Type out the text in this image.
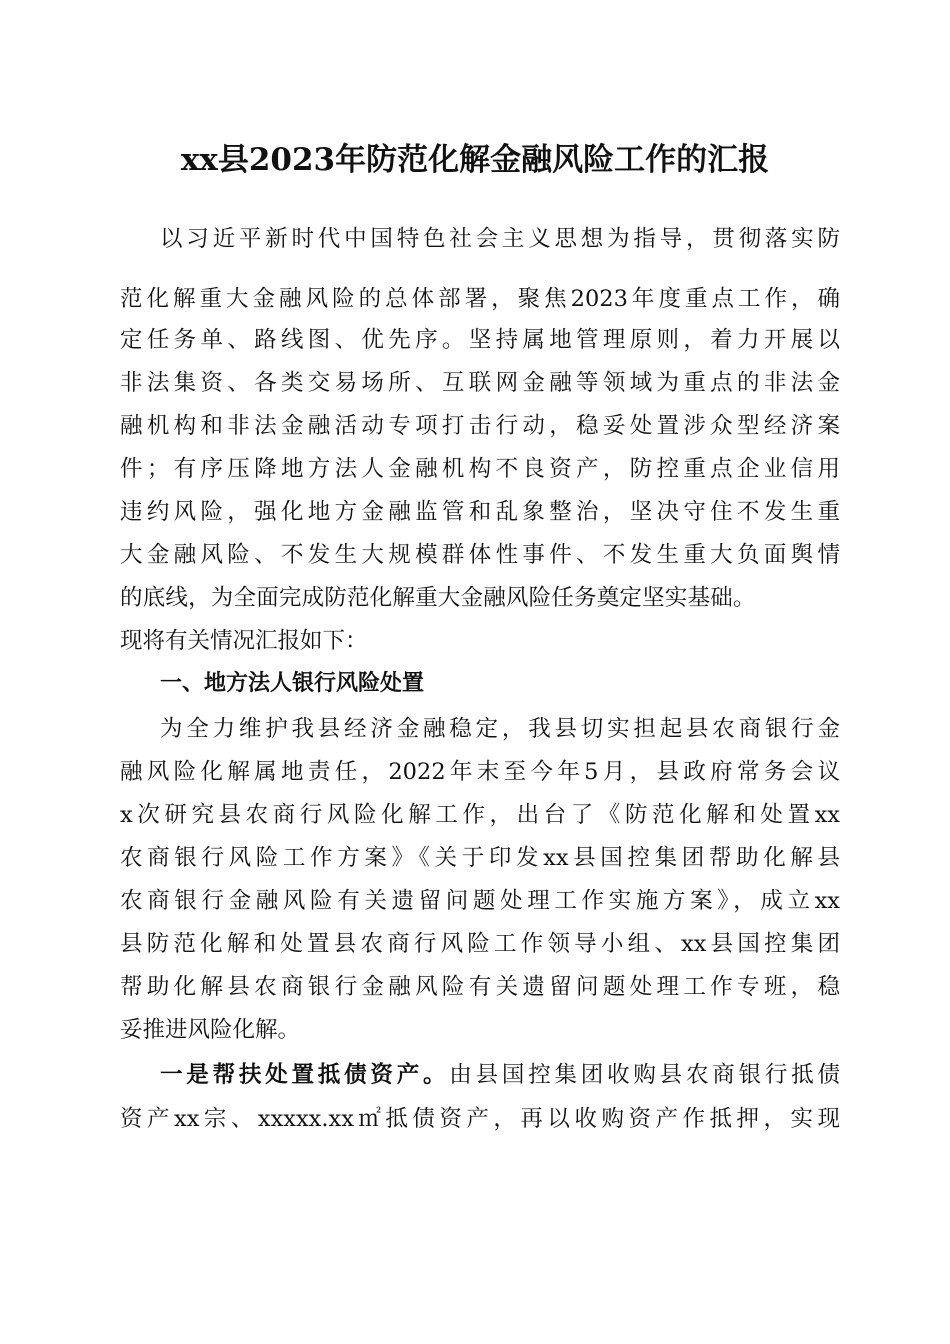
xx县2023年防范化解金融风险工作的汇报
以习近平新时代中国特色社会主义思想为指导，贯彻落实防
范化解重大金融风险的总体部署，聚焦2023年度重点工作，确
定任务单、路线图、优先序。坚持属地管理原则，着力开展以
非法集资、各类交易场所、互联网金融等领域为重点的非法金
融机构和非法金融活动专项打击行动，稳妥处置涉众型经济案
件；有序压降地方法人金融机构不良资产，防控重点企业信用
违约风险，强化地方金融监管和乱象整治，坚决守住不发生重
大金融风险、不发生大规模群体性事件、不发生重大负面舆情
的底线，为全面完成防范化解重大金融风险任务奠定坚实基础。
现将有关情况汇报如下：
一、地方法人银行风险处置
为全力维护我县经济金融稳定，我县切实担起县农商银行金
融风险化解属地责任，2022年末至今年5月，县政府常务会议
x次研究县农商行风险化解工作，出台了《防范化解和处置xx
农商银行风险工作方案》《关于印发xx县国控集团帮助化解县
农商银行金融风险有关遗留问题处理工作实施方案》，成立xx
县防范化解和处置县农商行风险工作领导小组、xx县国控集团
帮助化解县农商银行金融风险有关遗留问题处理工作专班，稳
妥推进风险化解。
一是帮扶处置抵债资产。由县国控集团收购县农商银行抵债
资产xx宗、xxxxx.xx㎡抵债资产，再以收购资产作抵押，实现
